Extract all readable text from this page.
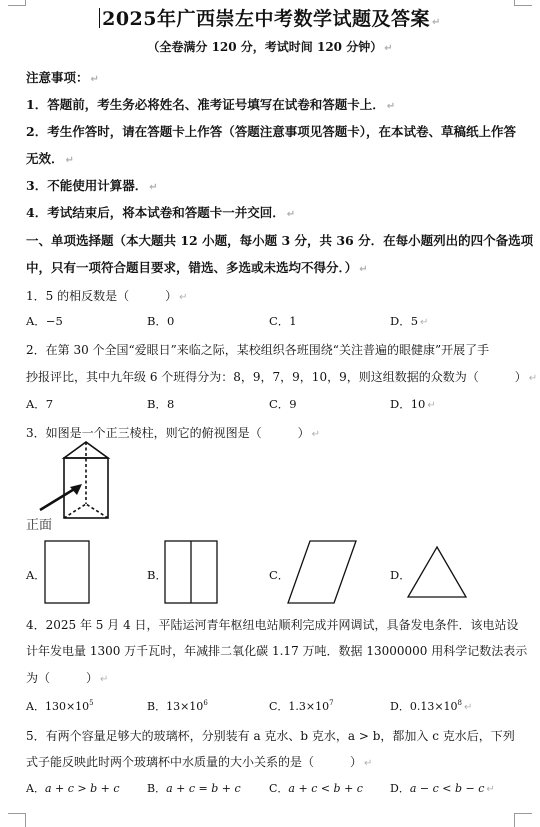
2025年广西崇左中考数学试题及答案 ↵
（全卷满分 120 分，考试时间 120 分钟） ↵
注意事项： ↵
1．答题前，考生务必将姓名、准考证号填写在试卷和答题卡上． ↵
2．考生作答时，请在答题卡上作答（答题注意事项见答题卡），在本试卷、草稿纸上作答
无效． ↵
3．不能使用计算器． ↵
4．考试结束后，将本试卷和答题卡一并交回． ↵
一、单项选择题（本大题共 12 小题，每小题 3 分，共 36 分．在每小题列出的四个备选项
中，只有一项符合题目要求，错选、多选或未选均不得分．） ↵
1．5 的相反数是（　　　） ↵
A．−5	B．0	C．1	D．5 ↵
2．在第 30 个全国“爱眼日”来临之际，某校组织各班围绕“关注普遍的眼健康”开展了手
抄报评比，其中九年级 6 个班得分为：8，9，7，9，10，9，则这组数据的众数为（　　　） ↵
A．7	B．8	C．9	D．10 ↵
3．如图是一个正三棱柱，则它的俯视图是（　　　） ↵
正面
A．	B．	C．	D．
4．2025 年 5 月 4 日，平陆运河青年枢纽电站顺利完成并网调试，具备发电条件．该电站设
计年发电量 1300 万千瓦时，年减排二氧化碳 1.17 万吨．数据 13000000 用科学记数法表示
为（　　　） ↵
A．$130\times 10^5$	B．$13\times 10^6$	C．$1.3\times 10^7$	D．$0.13\times 10^8$ ↵
5．有两个容量足够大的玻璃杯，分别装有 a 克水、b 克水，a > b，都加入 c 克水后，下列
式子能反映此时两个玻璃杯中水质量的大小关系的是（　　　） ↵
A．a + c > b + c B．a + c = b + c	C．a + c < b + c D．a − c < b − c ↵
